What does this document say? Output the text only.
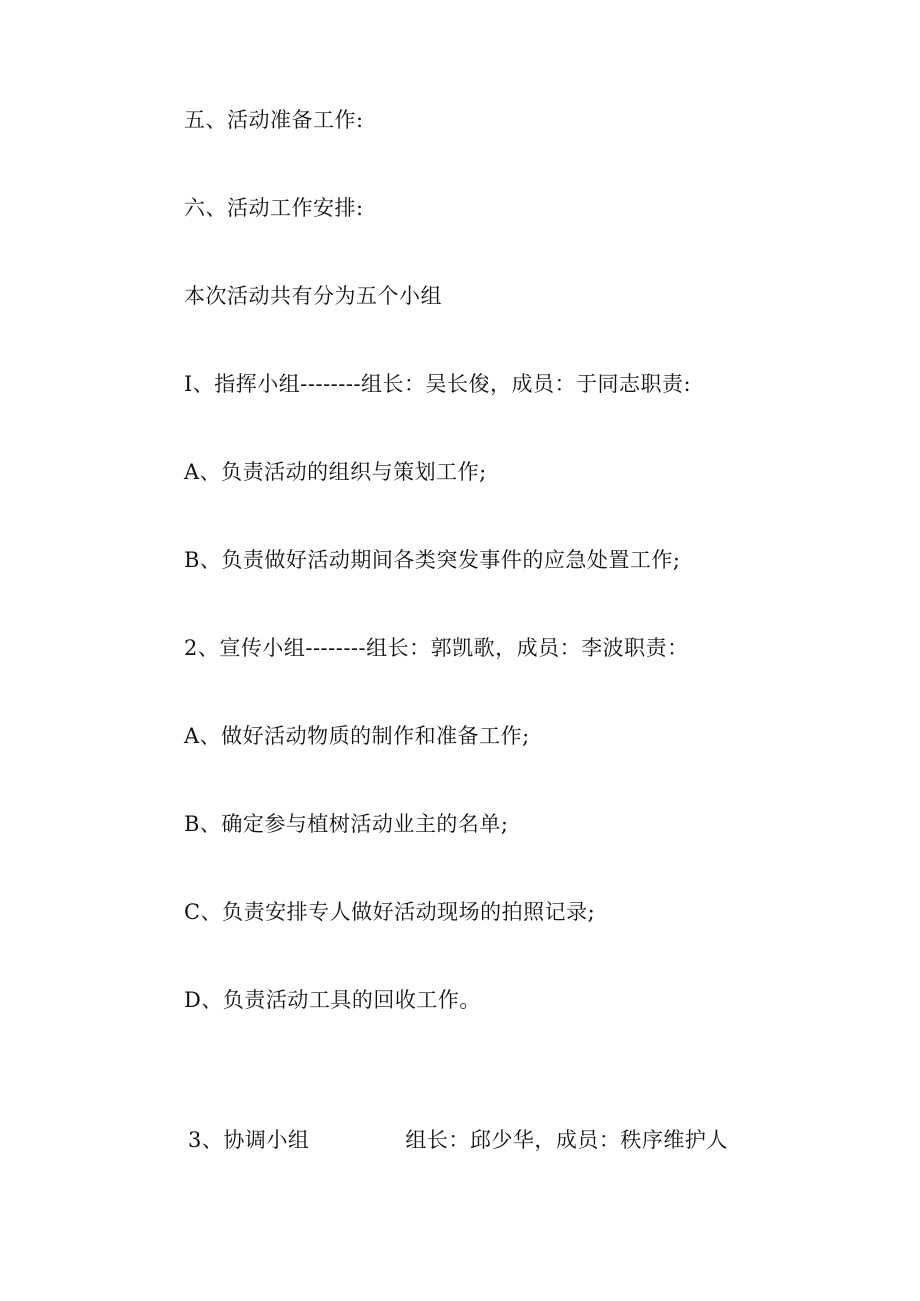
五、活动准备工作:
六、活动工作安排:
本次活动共有分为五个小组
I、指挥小组--------组长：吴长俊，成员：于同志职责:
A、负责活动的组织与策划工作;
B、负责做好活动期间各类突发事件的应急处置工作;
2、宣传小组--------组长：郭凯歌，成员：李波职责：
A、做好活动物质的制作和准备工作;
B、确定参与植树活动业主的名单;
C、负责安排专人做好活动现场的拍照记录;
D、负责活动工具的回收工作。
3、协调小组	组长：邱少华，成员：秩序维护人
